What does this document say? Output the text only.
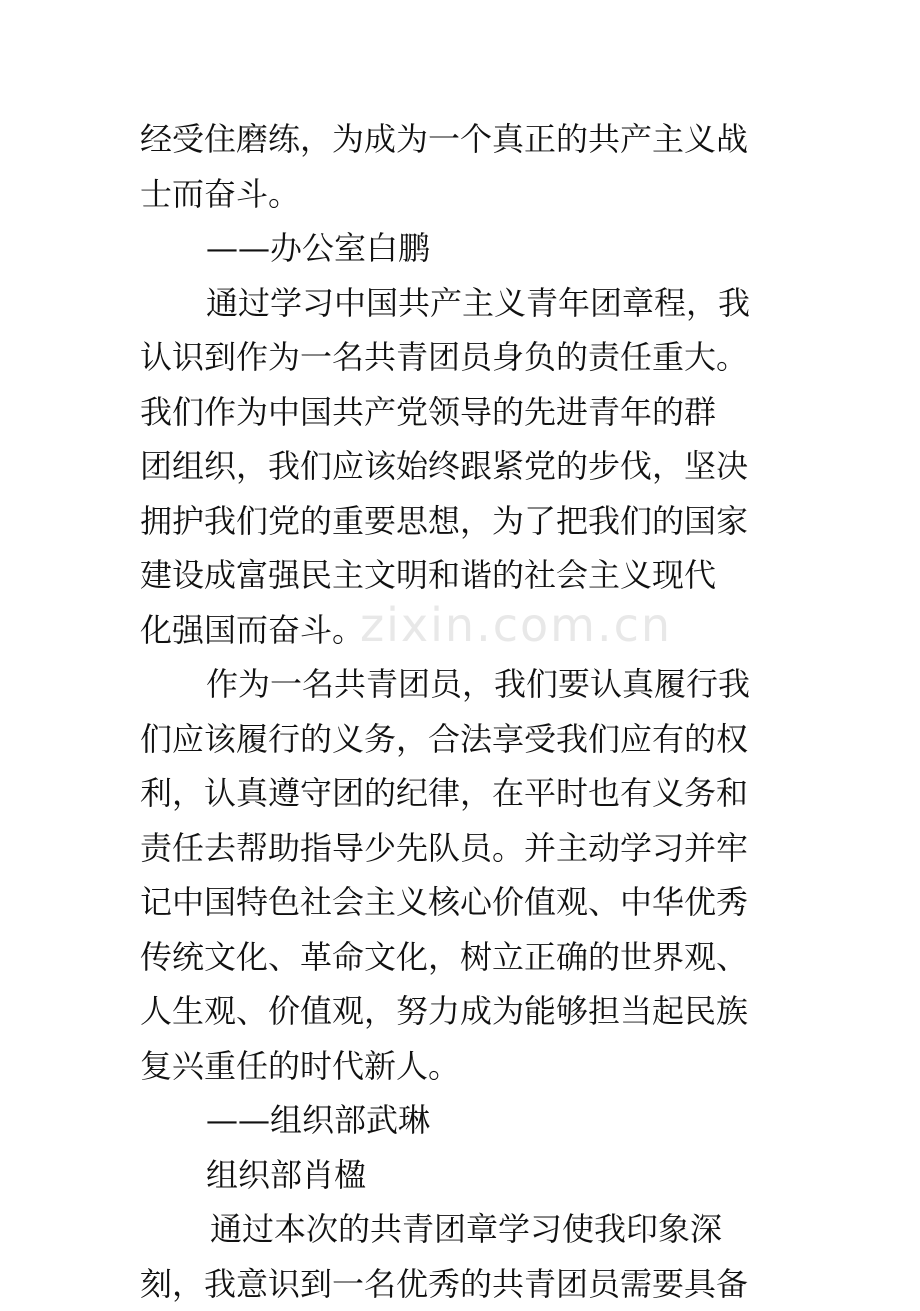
zixin.com.cn
经受住磨练，为成为一个真正的共产主义战
士而奋斗。
——办公室白鹏
通过学习中国共产主义青年团章程，我
认识到作为一名共青团员身负的责任重大。
我们作为中国共产党领导的先进青年的群
团组织，我们应该始终跟紧党的步伐，坚决
拥护我们党的重要思想，为了把我们的国家
建设成富强民主文明和谐的社会主义现代
化强国而奋斗。
作为一名共青团员，我们要认真履行我
们应该履行的义务，合法享受我们应有的权
利，认真遵守团的纪律，在平时也有义务和
责任去帮助指导少先队员。并主动学习并牢
记中国特色社会主义核心价值观、中华优秀
传统文化、革命文化，树立正确的世界观、
人生观、价值观，努力成为能够担当起民族
复兴重任的时代新人。
——组织部武琳
组织部肖楹
通过本次的共青团章学习使我印象深
刻，我意识到一名优秀的共青团员需要具备
